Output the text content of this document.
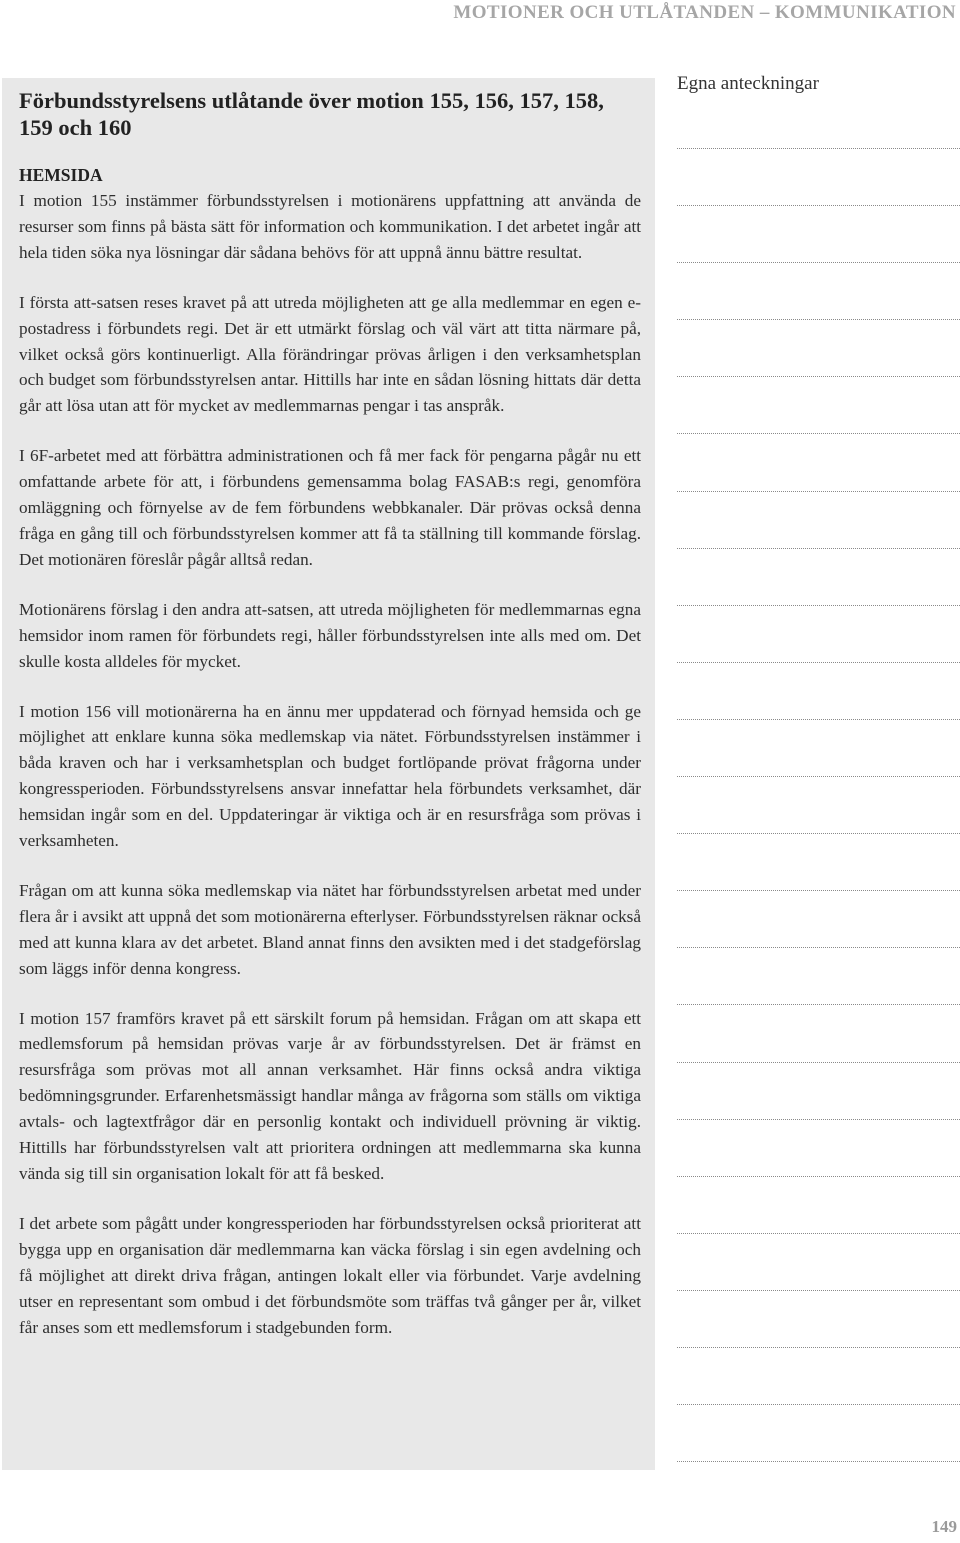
MOTIONER OCH UTLÅTANDEN – KOMMUNIKATION
Förbundsstyrelsens utlåtande över motion 155, 156, 157, 158, 159 och 160
HEMSIDA

I motion 155 instämmer förbundsstyrelsen i motionärens uppfattning att använda de resurser som finns på bästa sätt för information och kommunikation. I det arbetet ingår att hela tiden söka nya lösningar där sådana behövs för att uppnå ännu bättre resultat.

I första att-satsen reses kravet på att utreda möjligheten att ge alla medlemmar en egen e-postadress i förbundets regi. Det är ett utmärkt förslag och väl värt att titta närmare på, vilket också görs kontinuerligt. Alla förändringar prövas årligen i den verksamhetsplan och budget som förbundsstyrelsen antar. Hittills har inte en sådan lösning hittats där detta går att lösa utan att för mycket av medlemmarnas pengar i tas anspråk.

I 6F-arbetet med att förbättra administrationen och få mer fack för pengarna pågår nu ett omfattande arbete för att, i förbundens gemensamma bolag FASAB:s regi, genomföra omläggning och förnyelse av de fem förbundens webbkanaler. Där prövas också denna fråga en gång till och förbundsstyrelsen kommer att få ta ställning till kommande förslag. Det motionären föreslår pågår alltså redan.

Motionärens förslag i den andra att-satsen, att utreda möjligheten för medlemmarnas egna hemsidor inom ramen för förbundets regi, håller förbundsstyrelsen inte alls med om. Det skulle kosta alldeles för mycket.

I motion 156 vill motionärerna ha en ännu mer uppdaterad och förnyad hemsida och ge möjlighet att enklare kunna söka medlemskap via nätet. Förbundsstyrelsen instämmer i båda kraven och har i verksamhetsplan och budget fortlöpande prövat frågorna under kongressperioden. Förbundsstyrelsens ansvar innefattar hela förbundets verksamhet, där hemsidan ingår som en del. Uppdateringar är viktiga och är en resursfråga som prövas i verksamheten.

Frågan om att kunna söka medlemskap via nätet har förbundsstyrelsen arbetat med under flera år i avsikt att uppnå det som motionärerna efterlyser. Förbundsstyrelsen räknar också med att kunna klara av det arbetet. Bland annat finns den avsikten med i det stadgeförslag som läggs inför denna kongress.

I motion 157 framförs kravet på ett särskilt forum på hemsidan. Frågan om att skapa ett medlemsforum på hemsidan prövas varje år av förbundsstyrelsen. Det är främst en resursfråga som prövas mot all annan verksamhet. Här finns också andra viktiga bedömningsgrunder. Erfarenhetsmässigt handlar många av frågorna som ställs om viktiga avtals- och lagtextfrågor där en personlig kontakt och individuell prövning är viktig. Hittills har förbundsstyrelsen valt att prioritera ordningen att medlemmarna ska kunna vända sig till sin organisation lokalt för att få besked.

I det arbete som pågått under kongressperioden har förbundsstyrelsen också prioriterat att bygga upp en organisation där medlemmarna kan väcka förslag i sin egen avdelning och få möjlighet att direkt driva frågan, antingen lokalt eller via förbundet. Varje avdelning utser en representant som ombud i det förbundsmöte som träffas två gånger per år, vilket får anses som ett medlemsforum i stadgebunden form.

Egna anteckningar
149
